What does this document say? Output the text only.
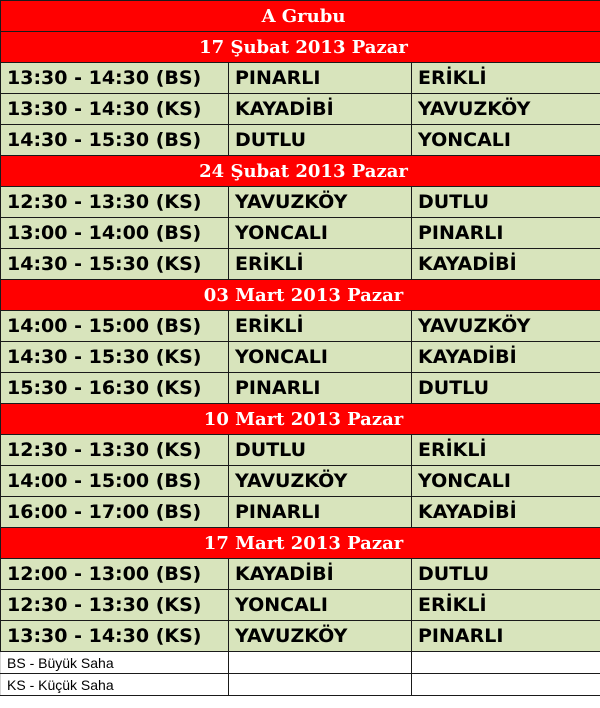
A Grubu		
17 Şubat 2013 Pazar		
13:30 - 14:30 (BS)	PINARLI	ERİKLİ
13:30 - 14:30 (KS)	KAYADİBİ	YAVUZKÖY
14:30 - 15:30 (BS)	DUTLU	YONCALI
24 Şubat 2013 Pazar		
12:30 - 13:30 (KS)	YAVUZKÖY	DUTLU
13:00 - 14:00 (BS)	YONCALI	PINARLI
14:30 - 15:30 (KS)	ERİKLİ	KAYADİBİ
03 Mart 2013 Pazar		
14:00 - 15:00 (BS)	ERİKLİ	YAVUZKÖY
14:30 - 15:30 (KS)	YONCALI	KAYADİBİ
15:30 - 16:30 (KS)	PINARLI	DUTLU
10 Mart 2013 Pazar		
12:30 - 13:30 (KS)	DUTLU	ERİKLİ
14:00 - 15:00 (BS)	YAVUZKÖY	YONCALI
16:00 - 17:00 (BS)	PINARLI	KAYADİBİ
17 Mart 2013 Pazar		
12:00 - 13:00 (BS)	KAYADİBİ	DUTLU
12:30 - 13:30 (KS)	YONCALI	ERİKLİ
13:30 - 14:30 (KS)	YAVUZKÖY	PINARLI
BS - Büyük Saha		
KS - Küçük Saha		
